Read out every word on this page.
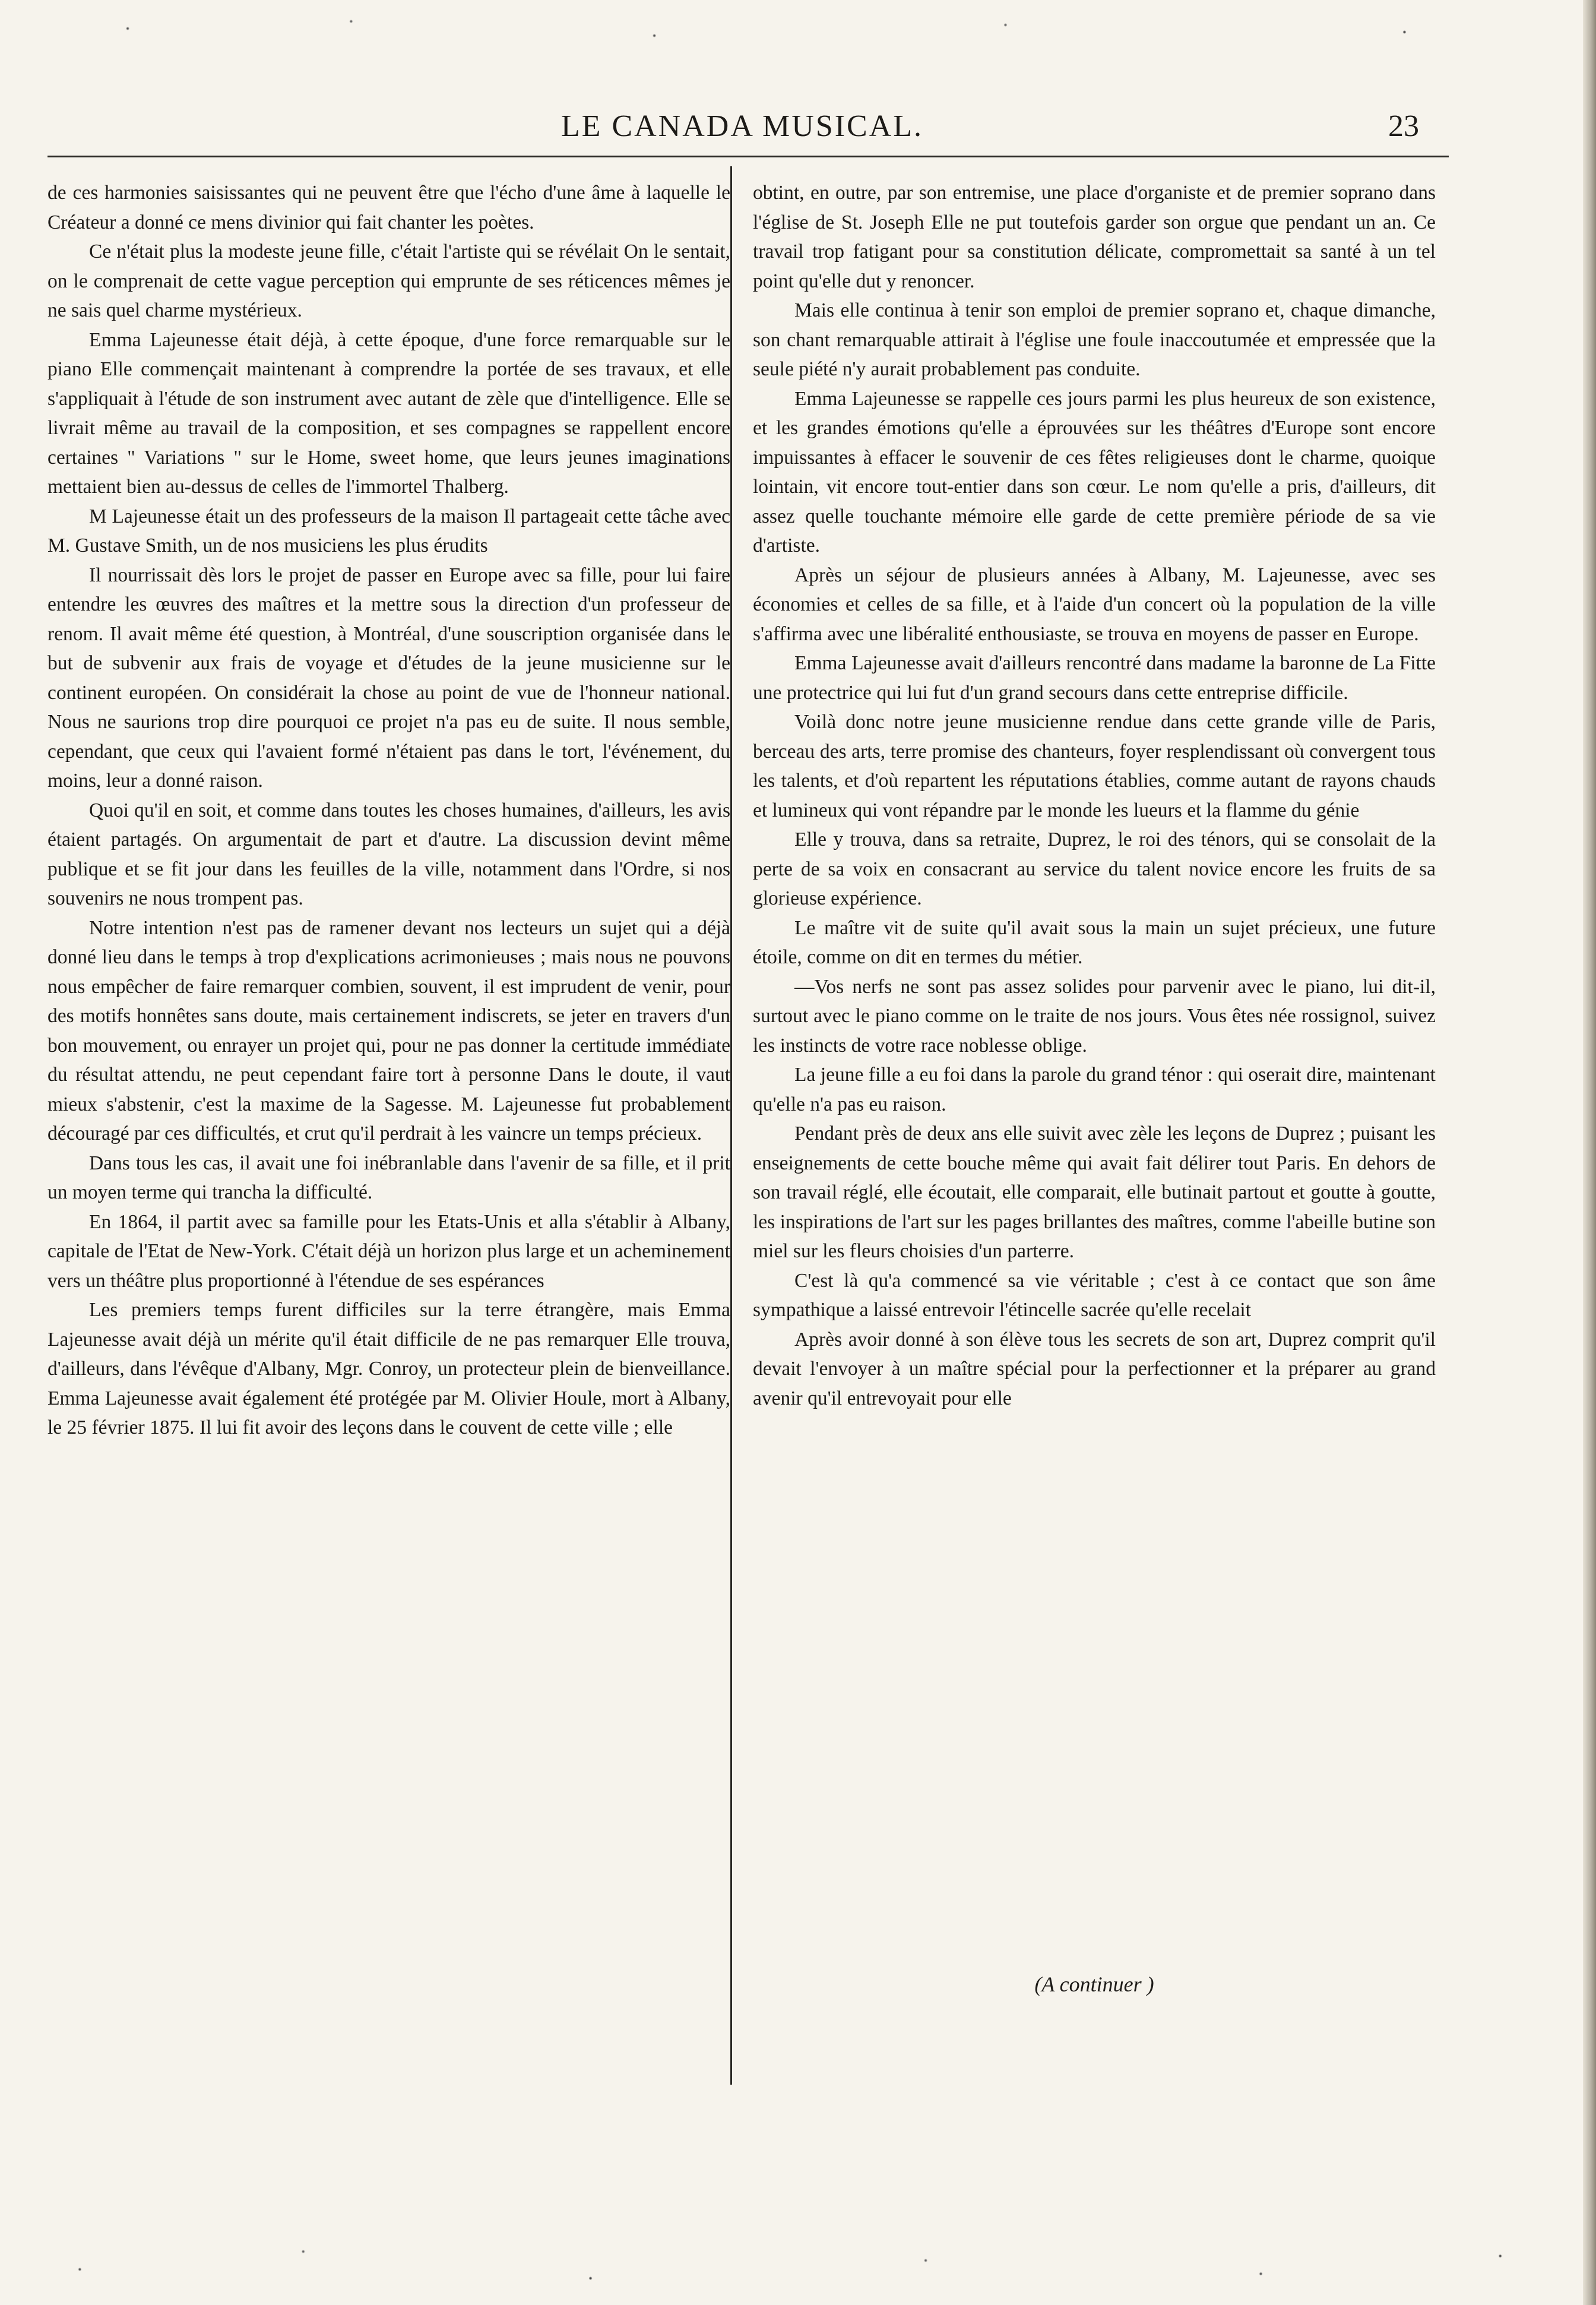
LE CANADA MUSICAL.	23

de ces harmonies saisissantes qui ne peuvent être que l'écho d'une âme à laquelle le Créateur a donné ce mens divinior qui fait chanter les poètes.

Ce n'était plus la modeste jeune fille, c'était l'artiste qui se révélait On le sentait, on le comprenait de cette vague perception qui emprunte de ses réticences mêmes je ne sais quel charme mystérieux.

Emma Lajeunesse était déjà, à cette époque, d'une force remarquable sur le piano Elle commençait maintenant à comprendre la portée de ses travaux, et elle s'appliquait à l'étude de son instrument avec autant de zèle que d'intelligence. Elle se livrait même au travail de la composition, et ses compagnes se rappellent encore certaines " Variations " sur le Home, sweet home, que leurs jeunes imaginations mettaient bien au-dessus de celles de l'immortel Thalberg.

M Lajeunesse était un des professeurs de la maison Il partageait cette tâche avec M. Gustave Smith, un de nos musiciens les plus érudits

Il nourrissait dès lors le projet de passer en Europe avec sa fille, pour lui faire entendre les œuvres des maîtres et la mettre sous la direction d'un professeur de renom. Il avait même été question, à Montréal, d'une souscription organisée dans le but de subvenir aux frais de voyage et d'études de la jeune musicienne sur le continent européen. On considérait la chose au point de vue de l'honneur national. Nous ne saurions trop dire pourquoi ce projet n'a pas eu de suite. Il nous semble, cependant, que ceux qui l'avaient formé n'étaient pas dans le tort, l'événement, du moins, leur a donné raison.

Quoi qu'il en soit, et comme dans toutes les choses humaines, d'ailleurs, les avis étaient partagés. On argumentait de part et d'autre. La discussion devint même publique et se fit jour dans les feuilles de la ville, notamment dans l'Ordre, si nos souvenirs ne nous trompent pas.

Notre intention n'est pas de ramener devant nos lecteurs un sujet qui a déjà donné lieu dans le temps à trop d'explications acrimonieuses ; mais nous ne pouvons nous empêcher de faire remarquer combien, souvent, il est imprudent de venir, pour des motifs honnêtes sans doute, mais certainement indiscrets, se jeter en travers d'un bon mouvement, ou enrayer un projet qui, pour ne pas donner la certitude immédiate du résultat attendu, ne peut cependant faire tort à personne Dans le doute, il vaut mieux s'abstenir, c'est la maxime de la Sagesse. M. Lajeunesse fut probablement découragé par ces difficultés, et crut qu'il perdrait à les vaincre un temps précieux.

Dans tous les cas, il avait une foi inébranlable dans l'avenir de sa fille, et il prit un moyen terme qui trancha la difficulté.

En 1864, il partit avec sa famille pour les Etats-Unis et alla s'établir à Albany, capitale de l'Etat de New-York. C'était déjà un horizon plus large et un acheminement vers un théâtre plus proportionné à l'étendue de ses espérances

Les premiers temps furent difficiles sur la terre étrangère, mais Emma Lajeunesse avait déjà un mérite qu'il était difficile de ne pas remarquer Elle trouva, d'ailleurs, dans l'évêque d'Albany, Mgr. Conroy, un protecteur plein de bienveillance. Emma Lajeunesse avait également été protégée par M. Olivier Houle, mort à Albany, le 25 février 1875. Il lui fit avoir des leçons dans le couvent de cette ville ; elle

obtint, en outre, par son entremise, une place d'organiste et de premier soprano dans l'église de St. Joseph Elle ne put toutefois garder son orgue que pendant un an. Ce travail trop fatigant pour sa constitution délicate, compromettait sa santé à un tel point qu'elle dut y renoncer.

Mais elle continua à tenir son emploi de premier soprano et, chaque dimanche, son chant remarquable attirait à l'église une foule inaccoutumée et empressée que la seule piété n'y aurait probablement pas conduite.

Emma Lajeunesse se rappelle ces jours parmi les plus heureux de son existence, et les grandes émotions qu'elle a éprouvées sur les théâtres d'Europe sont encore impuissantes à effacer le souvenir de ces fêtes religieuses dont le charme, quoique lointain, vit encore tout-entier dans son cœur. Le nom qu'elle a pris, d'ailleurs, dit assez quelle touchante mémoire elle garde de cette première période de sa vie d'artiste.

Après un séjour de plusieurs années à Albany, M. Lajeunesse, avec ses économies et celles de sa fille, et à l'aide d'un concert où la population de la ville s'affirma avec une libéralité enthousiaste, se trouva en moyens de passer en Europe.

Emma Lajeunesse avait d'ailleurs rencontré dans madame la baronne de La Fitte une protectrice qui lui fut d'un grand secours dans cette entreprise difficile.

Voilà donc notre jeune musicienne rendue dans cette grande ville de Paris, berceau des arts, terre promise des chanteurs, foyer resplendissant où convergent tous les talents, et d'où repartent les réputations établies, comme autant de rayons chauds et lumineux qui vont répandre par le monde les lueurs et la flamme du génie

Elle y trouva, dans sa retraite, Duprez, le roi des ténors, qui se consolait de la perte de sa voix en consacrant au service du talent novice encore les fruits de sa glorieuse expérience.

Le maître vit de suite qu'il avait sous la main un sujet précieux, une future étoile, comme on dit en termes du métier.

—Vos nerfs ne sont pas assez solides pour parvenir avec le piano, lui dit-il, surtout avec le piano comme on le traite de nos jours. Vous êtes née rossignol, suivez les instincts de votre race noblesse oblige.

La jeune fille a eu foi dans la parole du grand ténor : qui oserait dire, maintenant qu'elle n'a pas eu raison.

Pendant près de deux ans elle suivit avec zèle les leçons de Duprez ; puisant les enseignements de cette bouche même qui avait fait délirer tout Paris. En dehors de son travail réglé, elle écoutait, elle comparait, elle butinait partout et goutte à goutte, les inspirations de l'art sur les pages brillantes des maîtres, comme l'abeille butine son miel sur les fleurs choisies d'un parterre.

C'est là qu'a commencé sa vie véritable ; c'est à ce contact que son âme sympathique a laissé entrevoir l'étincelle sacrée qu'elle recelait

Après avoir donné à son élève tous les secrets de son art, Duprez comprit qu'il devait l'envoyer à un maître spécial pour la perfectionner et la préparer au grand avenir qu'il entrevoyait pour elle

(A continuer )
